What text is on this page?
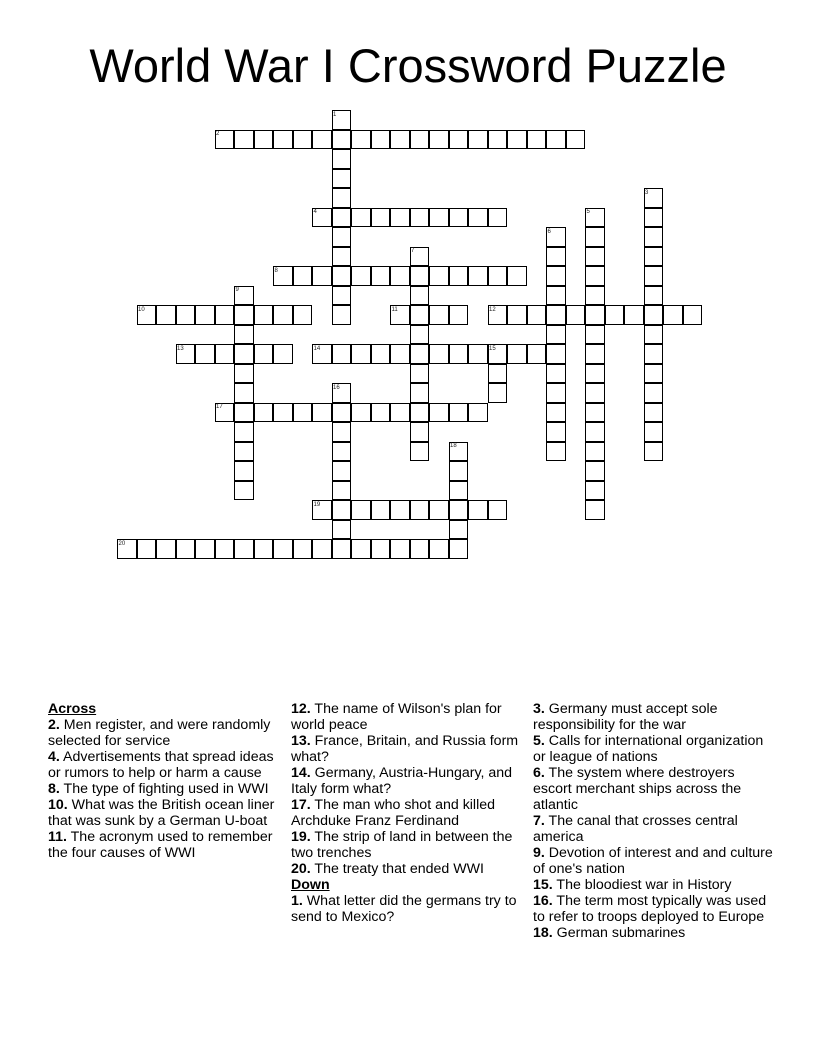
World War I Crossword Puzzle
2
4
8
10	11	12
13	14	15
17
19
20
1
3
5
6
7
9
16
18

Across

2. Men register, and were randomly selected for service

4. Advertisements that spread ideas or rumors to help or harm a cause

8. The type of fighting used in WWI

10. What was the British ocean liner that was sunk by a German U-boat

11. The acronym used to remember the four causes of WWI

12. The name of Wilson's plan for world peace

13. France, Britain, and Russia form what?

14. Germany, Austria-Hungary, and Italy form what?

17. The man who shot and killed Archduke Franz Ferdinand

19. The strip of land in between the two trenches

20. The treaty that ended WWI

Down

1. What letter did the germans try to send to Mexico?

3. Germany must accept sole responsibility for the war

5. Calls for international organization or league of nations

6. The system where destroyers escort merchant ships across the atlantic

7. The canal that crosses central america

9. Devotion of interest and and culture of one's nation

15. The bloodiest war in History

16. The term most typically was used to refer to troops deployed to Europe

18. German submarines
